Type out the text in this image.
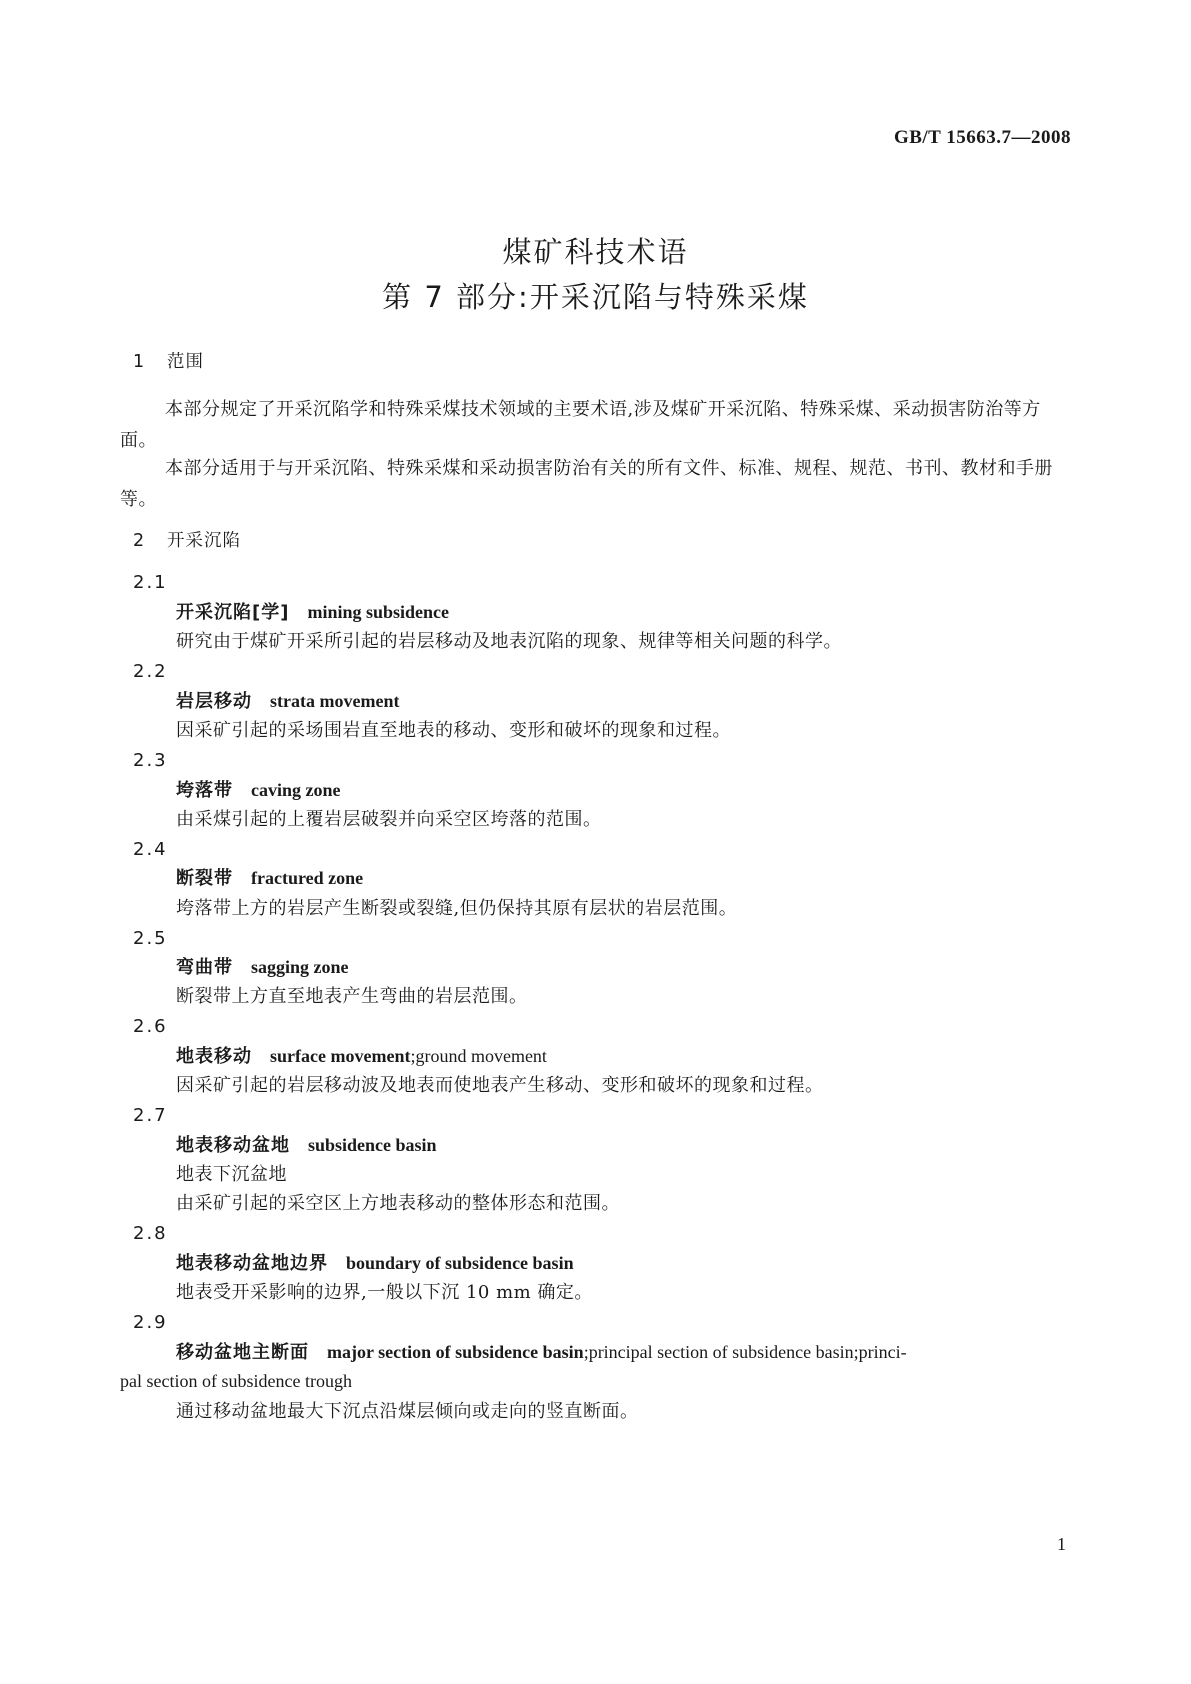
GB/T 15663.7—2008
煤矿科技术语
第 7 部分:开采沉陷与特殊采煤
1 范围
本部分规定了开采沉陷学和特殊采煤技术领域的主要术语,涉及煤矿开采沉陷、特殊采煤、采动损害防治等方面。
本部分适用于与开采沉陷、特殊采煤和采动损害防治有关的所有文件、标准、规程、规范、书刊、教材和手册等。
2 开采沉陷
2.1
开采沉陷[学] mining subsidence
研究由于煤矿开采所引起的岩层移动及地表沉陷的现象、规律等相关问题的科学。
2.2
岩层移动 strata movement
因采矿引起的采场围岩直至地表的移动、变形和破坏的现象和过程。
2.3
垮落带 caving zone
由采煤引起的上覆岩层破裂并向采空区垮落的范围。
2.4
断裂带 fractured zone
垮落带上方的岩层产生断裂或裂缝,但仍保持其原有层状的岩层范围。
2.5
弯曲带 sagging zone
断裂带上方直至地表产生弯曲的岩层范围。
2.6
地表移动 surface movement;ground movement
因采矿引起的岩层移动波及地表而使地表产生移动、变形和破坏的现象和过程。
2.7
地表移动盆地 subsidence basin
地表下沉盆地
由采矿引起的采空区上方地表移动的整体形态和范围。
2.8
地表移动盆地边界 boundary of subsidence basin
地表受开采影响的边界,一般以下沉 10 mm 确定。
2.9
移动盆地主断面 major section of subsidence basin;principal section of subsidence basin;princi-
pal section of subsidence trough
通过移动盆地最大下沉点沿煤层倾向或走向的竖直断面。
1
